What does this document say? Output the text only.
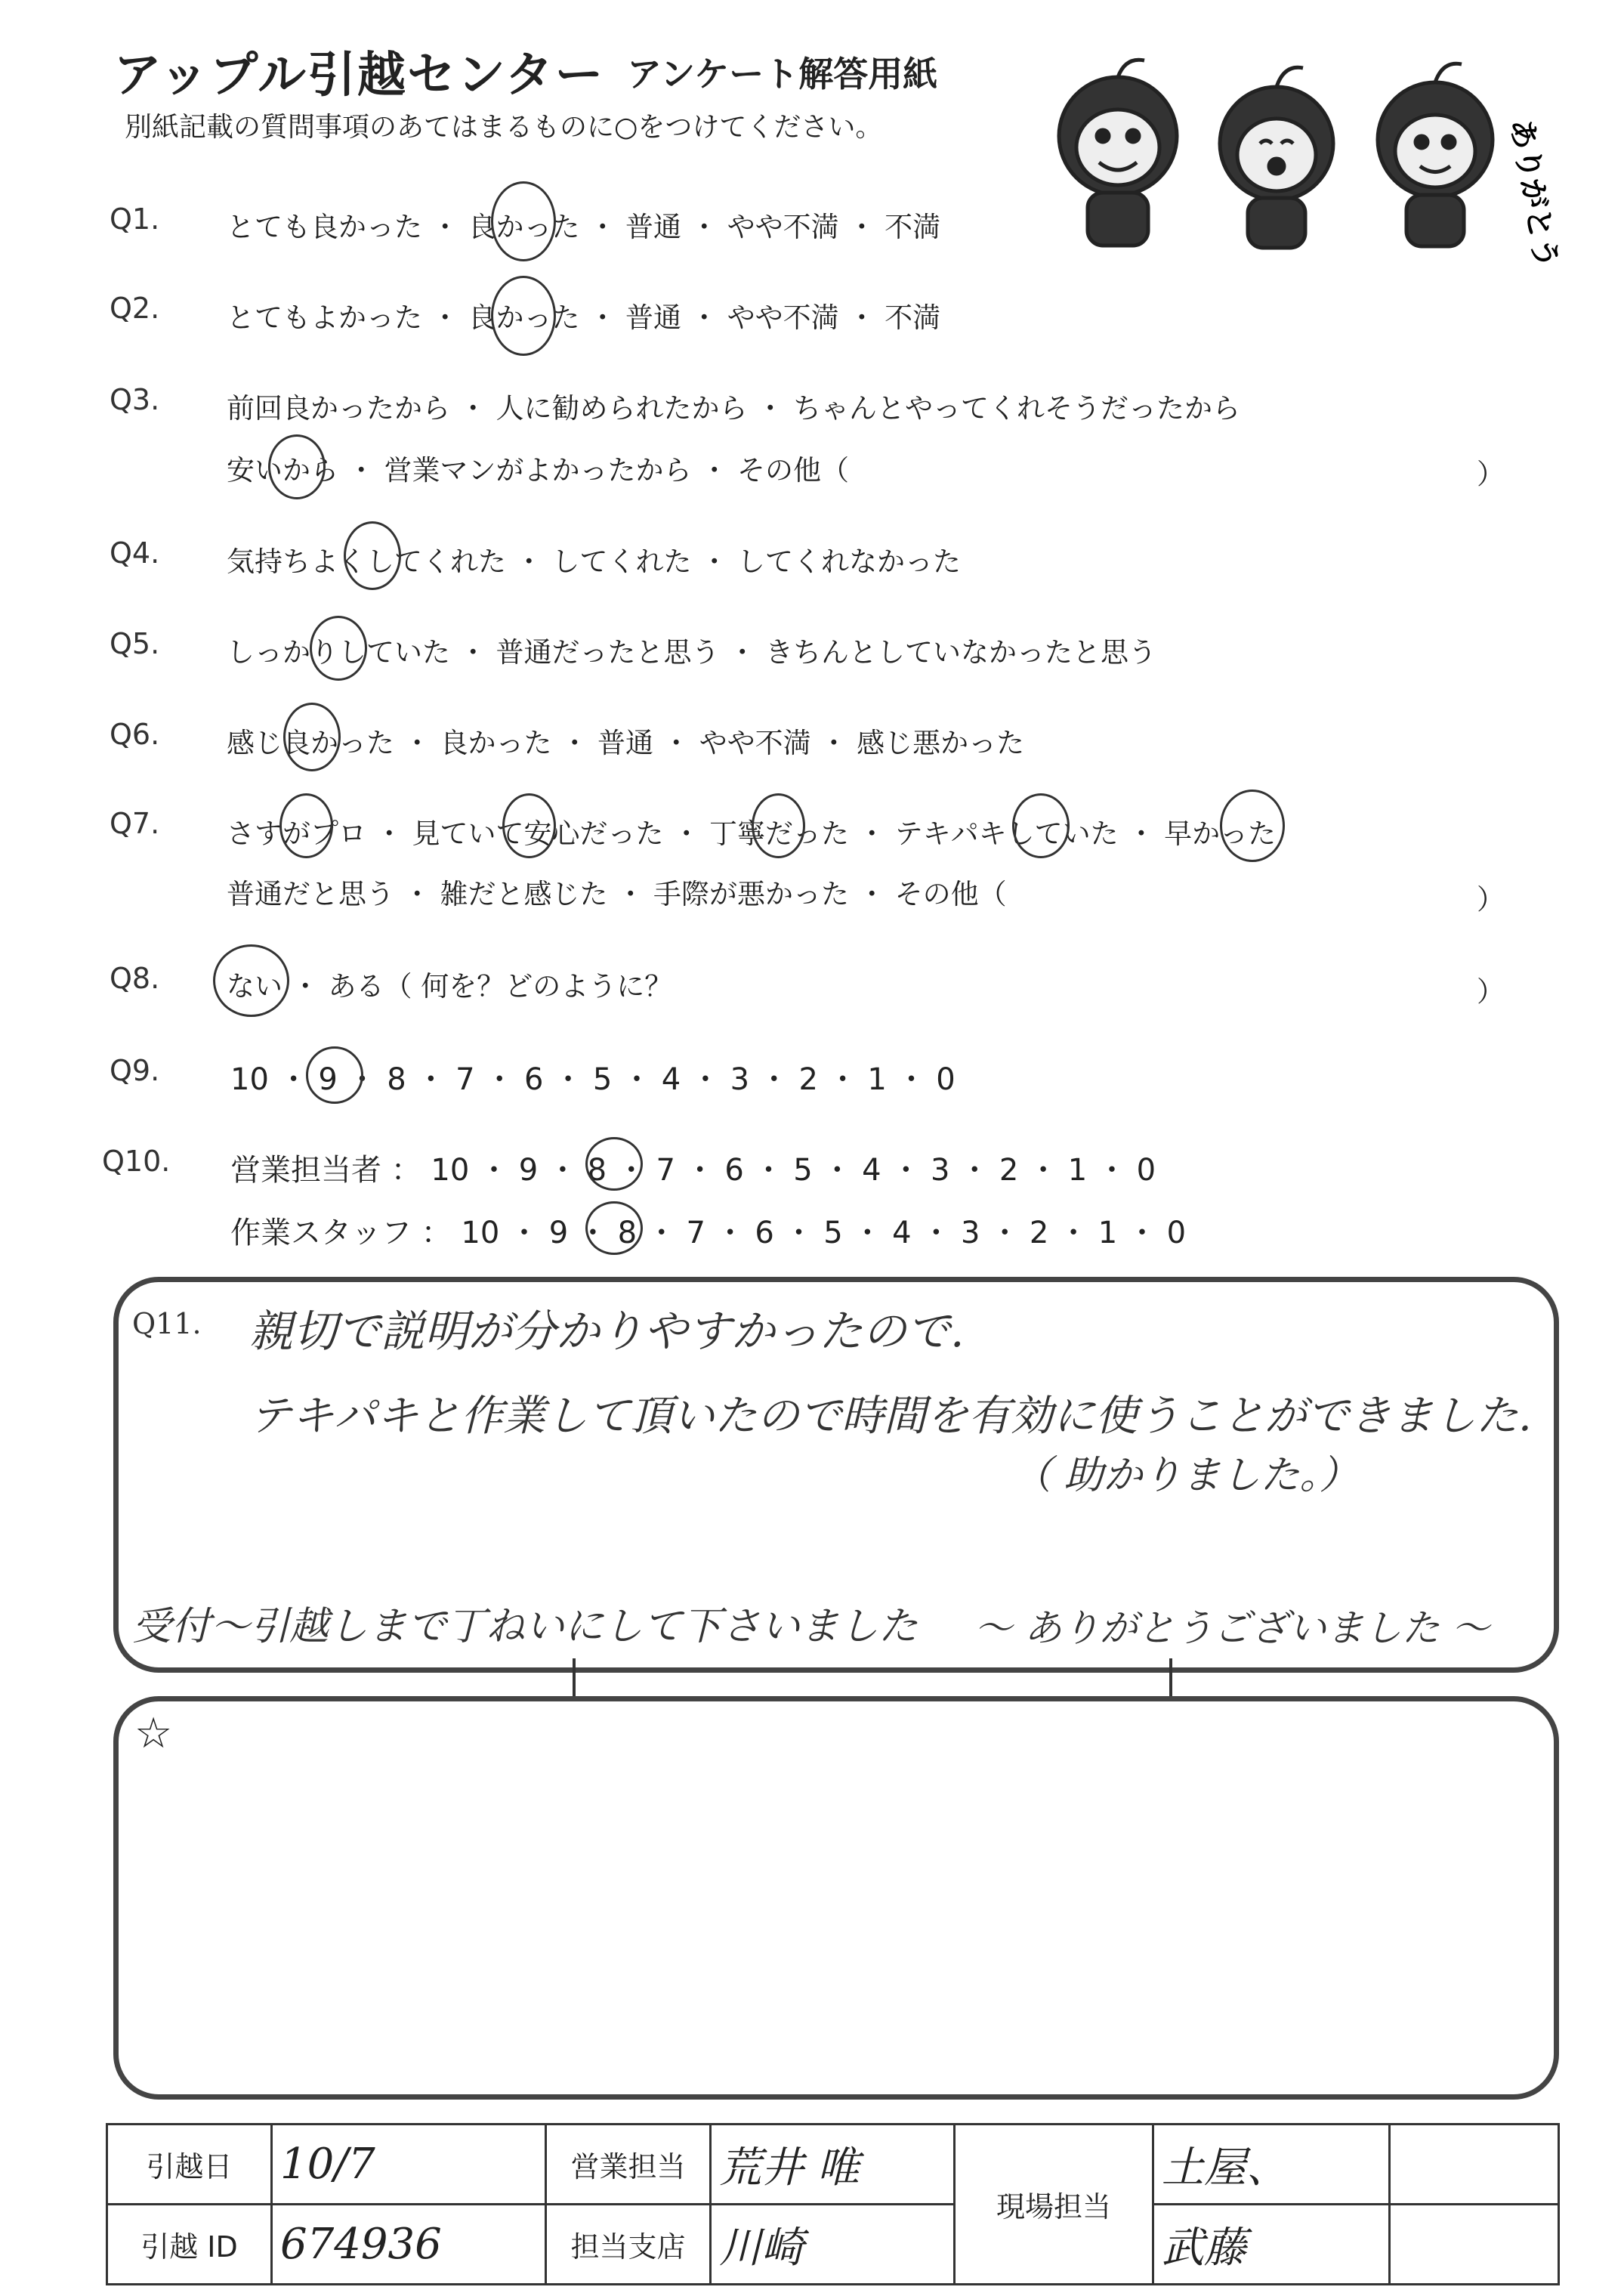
アップル引越センター アンケート解答用紙
別紙記載の質問事項のあてはまるものに○をつけてください。	ありがとう
Q1. とても良かった ・ 良かった ・ 普通 ・ やや不満 ・ 不満
Q2. とてもよかった ・ 良かった ・ 普通 ・ やや不満 ・ 不満
Q3. 前回良かったから ・ 人に勧められたから ・ ちゃんとやってくれそうだったから
安いから ・ 営業マンがよかったから ・ その他（	）
Q4. 気持ちよくしてくれた ・ してくれた ・ してくれなかった
Q5. しっかりしていた ・ 普通だったと思う ・ きちんとしていなかったと思う
Q6. 感じ良かった ・ 良かった ・ 普通 ・ やや不満 ・ 感じ悪かった
Q7. さすがプロ ・ 見ていて安心だった ・ 丁寧だった ・ テキパキしていた ・ 早かった
普通だと思う ・ 雑だと感じた ・ 手際が悪かった ・ その他（	）
Q8. ない ・ ある（ 何を？どのように？	）
Q9. 10 ・ 9 ・ 8 ・ 7 ・ 6 ・ 5 ・ 4 ・ 3 ・ 2 ・ 1 ・ 0
Q10. 営業担当者 ： 10 ・ 9 ・ 8 ・ 7 ・ 6 ・ 5 ・ 4 ・ 3 ・ 2 ・ 1 ・ 0
作業スタッフ ： 10 ・ 9 ・ 8 ・ 7 ・ 6 ・ 5 ・ 4 ・ 3 ・ 2 ・ 1 ・ 0
Q11. 親切で説明が分かりやすかったので.
テキパキと作業して頂いたので時間を有効に使うことができました.
（ 助かりました。）
受付～引越しまで丁ねいにして下さいました ～ ありがとうございました ～
☆
引越日	10/7	営業担当	荒井 唯	現場担当	土屋、	
引越 ID	674936	担当支店	川崎		武藤	
